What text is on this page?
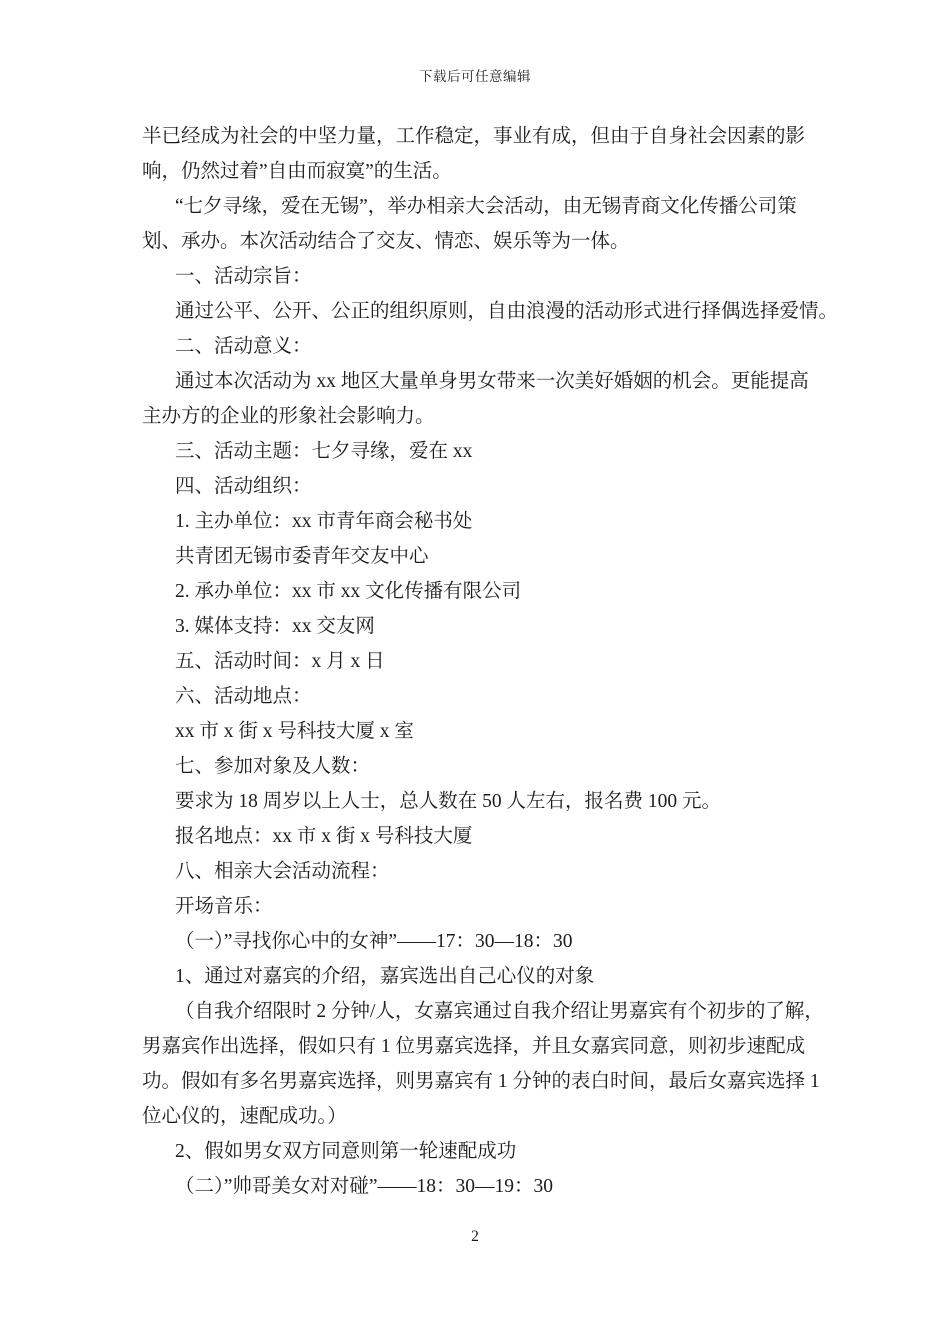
下载后可任意编辑
半已经成为社会的中坚力量，工作稳定，事业有成，但由于自身社会因素的影
响，仍然过着”自由而寂寞”的生活。
“七夕寻缘，爱在无锡”，举办相亲大会活动，由无锡青商文化传播公司策
划、承办。本次活动结合了交友、情恋、娱乐等为一体。
一、活动宗旨：
通过公平、公开、公正的组织原则，自由浪漫的活动形式进行择偶选择爱情。
二、活动意义：
通过本次活动为 xx 地区大量单身男女带来一次美好婚姻的机会。更能提高
主办方的企业的形象社会影响力。
三、活动主题：七夕寻缘，爱在 xx
四、活动组织：
1. 主办单位：xx 市青年商会秘书处
共青团无锡市委青年交友中心
2. 承办单位：xx 市 xx 文化传播有限公司
3. 媒体支持：xx 交友网
五、活动时间：x 月 x 日
六、活动地点：
xx 市 x 街 x 号科技大厦 x 室
七、参加对象及人数：
要求为 18 周岁以上人士，总人数在 50 人左右，报名费 100 元。
报名地点：xx 市 x 街 x 号科技大厦
八、相亲大会活动流程：
开场音乐：
（一）”寻找你心中的女神”——17：30—18：30
1、通过对嘉宾的介绍，嘉宾选出自己心仪的对象
（自我介绍限时 2 分钟/人，女嘉宾通过自我介绍让男嘉宾有个初步的了解，
男嘉宾作出选择，假如只有 1 位男嘉宾选择，并且女嘉宾同意，则初步速配成
功。假如有多名男嘉宾选择，则男嘉宾有 1 分钟的表白时间，最后女嘉宾选择 1
位心仪的，速配成功。）
2、假如男女双方同意则第一轮速配成功
（二）”帅哥美女对对碰”——18：30—19：30
2
